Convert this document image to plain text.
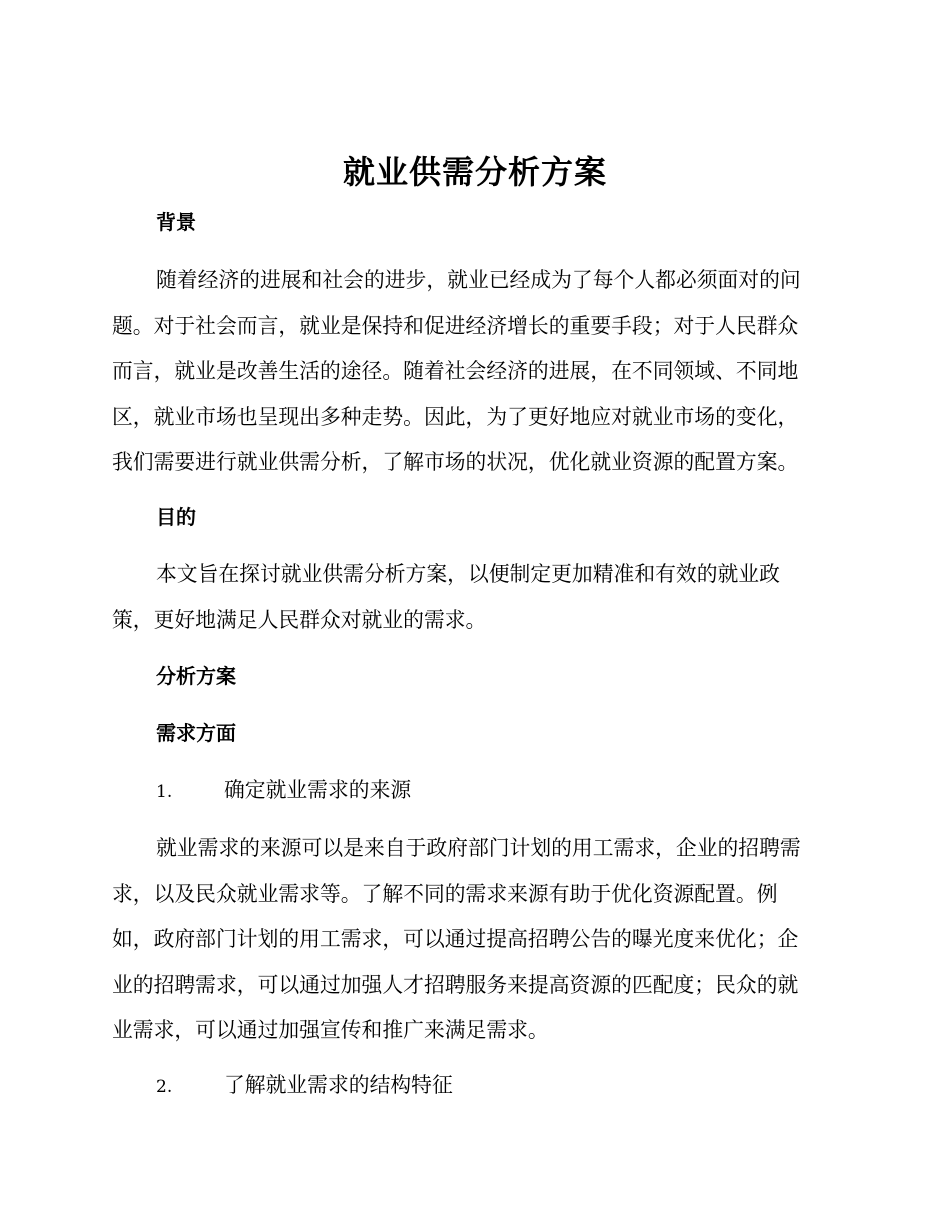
就业供需分析方案
背景
随着经济的进展和社会的进步，就业已经成为了每个人都必须面对的问
题。对于社会而言，就业是保持和促进经济增长的重要手段；对于人民群众
而言，就业是改善生活的途径。随着社会经济的进展，在不同领域、不同地
区，就业市场也呈现出多种走势。因此，为了更好地应对就业市场的变化，
我们需要进行就业供需分析，了解市场的状况，优化就业资源的配置方案。
目的
本文旨在探讨就业供需分析方案，以便制定更加精准和有效的就业政
策，更好地满足人民群众对就业的需求。
分析方案
需求方面
1. 确定就业需求的来源
就业需求的来源可以是来自于政府部门计划的用工需求，企业的招聘需
求，以及民众就业需求等。了解不同的需求来源有助于优化资源配置。例
如，政府部门计划的用工需求，可以通过提高招聘公告的曝光度来优化；企
业的招聘需求，可以通过加强人才招聘服务来提高资源的匹配度；民众的就
业需求，可以通过加强宣传和推广来满足需求。
2. 了解就业需求的结构特征
